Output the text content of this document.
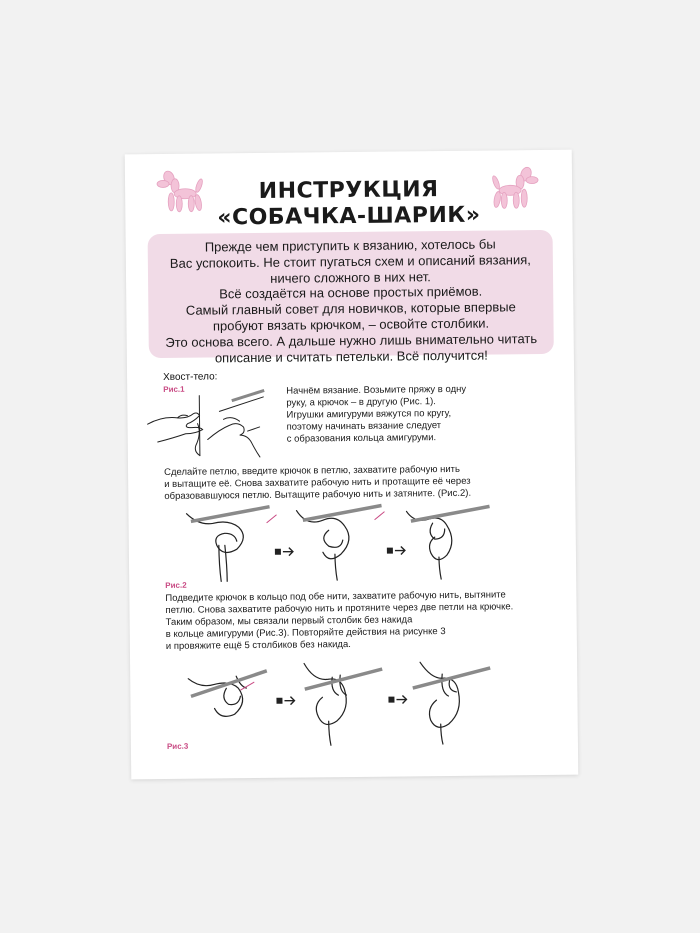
ИНСТРУКЦИЯ
«СОБАЧКА-ШАРИК»
Прежде чем приступить к вязанию, хотелось бы
Вас успокоить. Не стоит пугаться схем и описаний вязания,
ничего сложного в них нет.
Всё создаётся на основе простых приёмов.
Самый главный совет для новичков, которые впервые
пробуют вязать крючком, – освойте столбики.
Это основа всего. А дальше нужно лишь внимательно читать
описание и считать петельки. Всё получится!
Хвост-тело:
Рис.1	Начнём вязание. Возьмите пряжу в одну
руку, а крючок – в другую (Рис. 1).
Игрушки амигуруми вяжутся по кругу,
поэтому начинать вязание следует
с образования кольца амигуруми.
Сделайте петлю, введите крючок в петлю, захватите рабочую нить
и вытащите её. Снова захватите рабочую нить и протащите её через
образовавшуюся петлю. Вытащите рабочую нить и затяните. (Рис.2).
Рис.2
Подведите крючок в кольцо под обе нити, захватите рабочую нить, вытяните
петлю. Снова захватите рабочую нить и протяните через две петли на крючке.
Таким образом, мы связали первый столбик без накида
в кольце амигуруми (Рис.3). Повторяйте действия на рисунке 3
и провяжите ещё 5 столбиков без накида.
Рис.3
